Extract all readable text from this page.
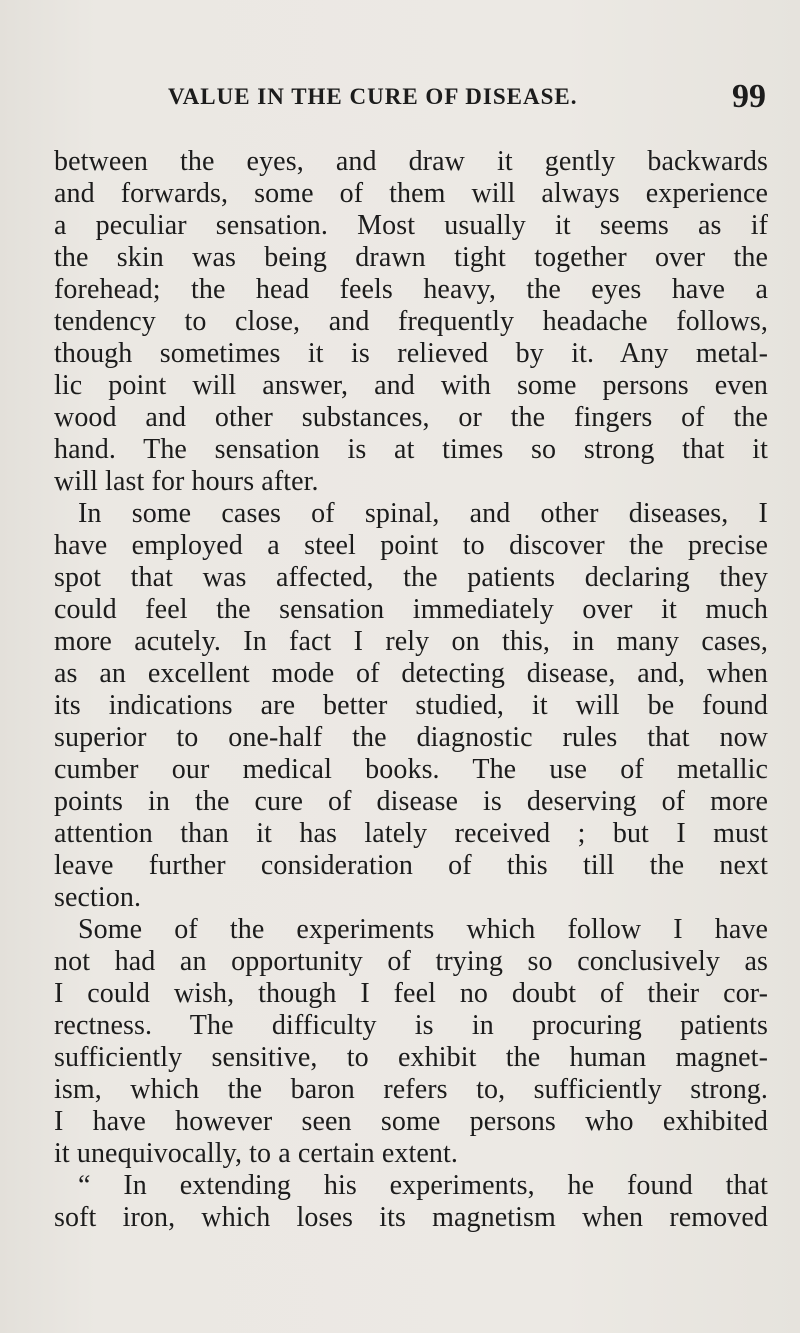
VALUE IN THE CURE OF DISEASE.	99
between the eyes, and draw it gently backwards
and forwards, some of them will always experience
a peculiar sensation. Most usually it seems as if
the skin was being drawn tight together over the
forehead; the head feels heavy, the eyes have a
tendency to close, and frequently headache follows,
though sometimes it is relieved by it. Any metal-
lic point will answer, and with some persons even
wood and other substances, or the fingers of the
hand. The sensation is at times so strong that it
will last for hours after.
In some cases of spinal, and other diseases, I
have employed a steel point to discover the precise
spot that was affected, the patients declaring they
could feel the sensation immediately over it much
more acutely. In fact I rely on this, in many cases,
as an excellent mode of detecting disease, and, when
its indications are better studied, it will be found
superior to one-half the diagnostic rules that now
cumber our medical books. The use of metallic
points in the cure of disease is deserving of more
attention than it has lately received ; but I must
leave further consideration of this till the next
section.
Some of the experiments which follow I have
not had an opportunity of trying so conclusively as
I could wish, though I feel no doubt of their cor-
rectness. The difficulty is in procuring patients
sufficiently sensitive, to exhibit the human magnet-
ism, which the baron refers to, sufficiently strong.
I have however seen some persons who exhibited
it unequivocally, to a certain extent.
“ In extending his experiments, he found that
soft iron, which loses its magnetism when removed
